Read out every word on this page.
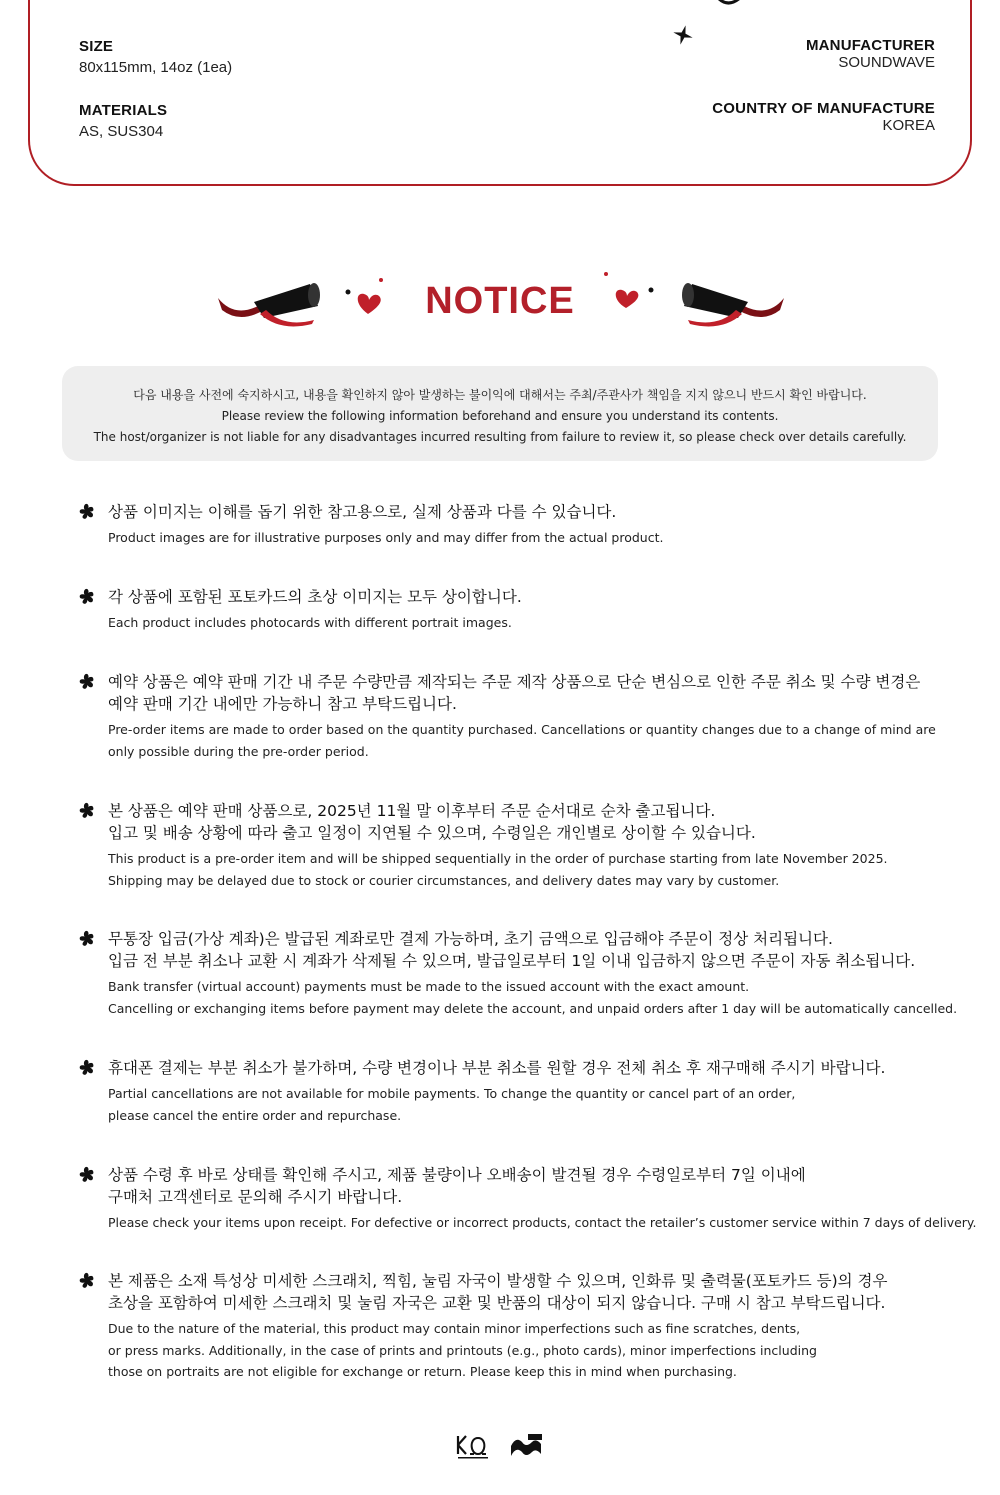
SIZE
80x115mm, 14oz (1ea)
MATERIALS
AS, SUS304
MANUFACTURER
SOUNDWAVE
COUNTRY OF MANUFACTURE
KOREA
NOTICE

다음 내용을 사전에 숙지하시고, 내용을 확인하지 않아 발생하는 불이익에 대해서는 주최/주관사가 책임을 지지 않으니 반드시 확인 바랍니다.

Please review the following information beforehand and ensure you understand its contents.

The host/organizer is not liable for any disadvantages incurred resulting from failure to review it, so please check over details carefully.

상품 이미지는 이해를 돕기 위한 참고용으로, 실제 상품과 다를 수 있습니다.
Product images are for illustrative purposes only and may differ from the actual product.
각 상품에 포함된 포토카드의 초상 이미지는 모두 상이합니다.
Each product includes photocards with different portrait images.
예약 상품은 예약 판매 기간 내 주문 수량만큼 제작되는 주문 제작 상품으로 단순 변심으로 인한 주문 취소 및 수량 변경은
예약 판매 기간 내에만 가능하니 참고 부탁드립니다.
Pre-order items are made to order based on the quantity purchased. Cancellations or quantity changes due to a change of mind are
only possible during the pre-order period.
본 상품은 예약 판매 상품으로, 2025년 11월 말 이후부터 주문 순서대로 순차 출고됩니다.
입고 및 배송 상황에 따라 출고 일정이 지연될 수 있으며, 수령일은 개인별로 상이할 수 있습니다.
This product is a pre-order item and will be shipped sequentially in the order of purchase starting from late November 2025.
Shipping may be delayed due to stock or courier circumstances, and delivery dates may vary by customer.
무통장 입금(가상 계좌)은 발급된 계좌로만 결제 가능하며, 초기 금액으로 입금해야 주문이 정상 처리됩니다.
입금 전 부분 취소나 교환 시 계좌가 삭제될 수 있으며, 발급일로부터 1일 이내 입금하지 않으면 주문이 자동 취소됩니다.
Bank transfer (virtual account) payments must be made to the issued account with the exact amount.
Cancelling or exchanging items before payment may delete the account, and unpaid orders after 1 day will be automatically cancelled.
휴대폰 결제는 부분 취소가 불가하며, 수량 변경이나 부분 취소를 원할 경우 전체 취소 후 재구매해 주시기 바랍니다.
Partial cancellations are not available for mobile payments. To change the quantity or cancel part of an order,
please cancel the entire order and repurchase.
상품 수령 후 바로 상태를 확인해 주시고, 제품 불량이나 오배송이 발견될 경우 수령일로부터 7일 이내에
구매처 고객센터로 문의해 주시기 바랍니다.
Please check your items upon receipt. For defective or incorrect products, contact the retailer’s customer service within 7 days of delivery.
본 제품은 소재 특성상 미세한 스크래치, 찍힘, 눌림 자국이 발생할 수 있으며, 인화류 및 출력물(포토카드 등)의 경우
초상을 포함하여 미세한 스크래치 및 눌림 자국은 교환 및 반품의 대상이 되지 않습니다. 구매 시 참고 부탁드립니다.
Due to the nature of the material, this product may contain minor imperfections such as fine scratches, dents,
or press marks. Additionally, in the case of prints and printouts (e.g., photo cards), minor imperfections including
those on portraits are not eligible for exchange or return. Please keep this in mind when purchasing.
